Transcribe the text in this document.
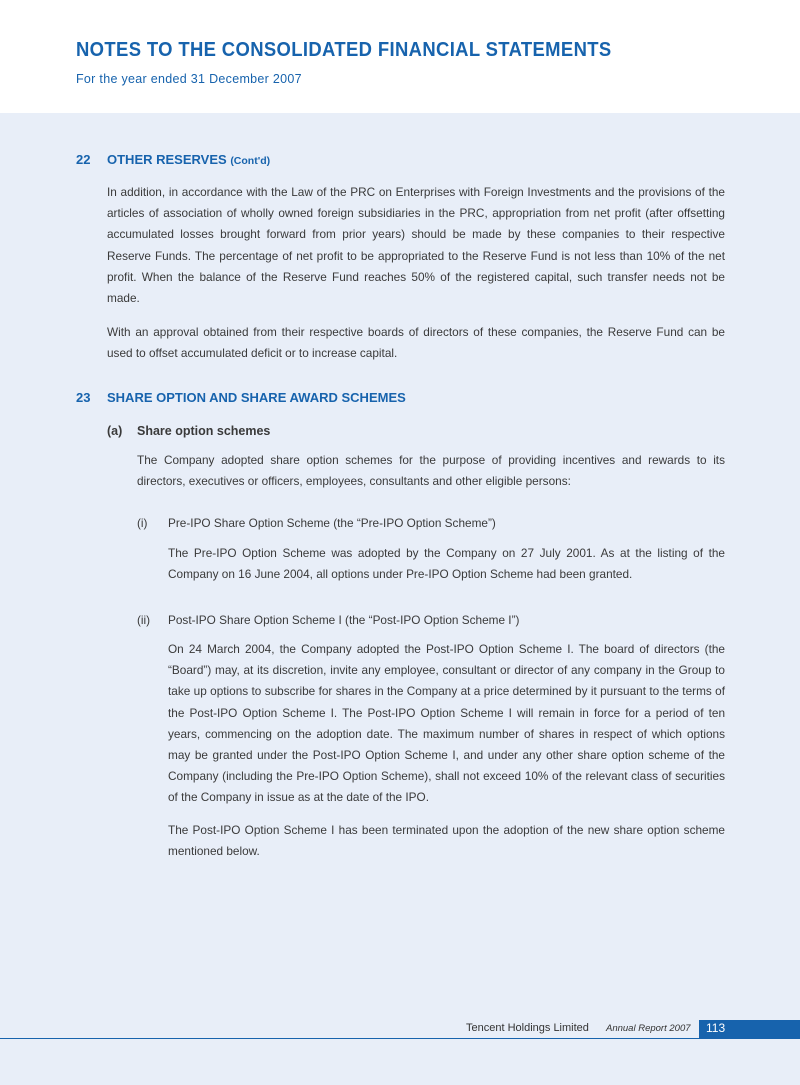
NOTES TO THE CONSOLIDATED FINANCIAL STATEMENTS
For the year ended 31 December 2007
22 OTHER RESERVES (Cont'd)

In addition, in accordance with the Law of the PRC on Enterprises with Foreign Investments and the provisions of the articles of association of wholly owned foreign subsidiaries in the PRC, appropriation from net profit (after offsetting accumulated losses brought forward from prior years) should be made by these companies to their respective Reserve Funds. The percentage of net profit to be appropriated to the Reserve Fund is not less than 10% of the net profit. When the balance of the Reserve Fund reaches 50% of the registered capital, such transfer needs not be made.

With an approval obtained from their respective boards of directors of these companies, the Reserve Fund can be used to offset accumulated deficit or to increase capital.

23 SHARE OPTION AND SHARE AWARD SCHEMES
(a) Share option schemes

The Company adopted share option schemes for the purpose of providing incentives and rewards to its directors, executives or officers, employees, consultants and other eligible persons:

(i) Pre-IPO Share Option Scheme (the “Pre-IPO Option Scheme”)

The Pre-IPO Option Scheme was adopted by the Company on 27 July 2001. As at the listing of the Company on 16 June 2004, all options under Pre-IPO Option Scheme had been granted.

(ii) Post-IPO Share Option Scheme I (the “Post-IPO Option Scheme I”)

On 24 March 2004, the Company adopted the Post-IPO Option Scheme I. The board of directors (the “Board”) may, at its discretion, invite any employee, consultant or director of any company in the Group to take up options to subscribe for shares in the Company at a price determined by it pursuant to the terms of the Post-IPO Option Scheme I. The Post-IPO Option Scheme I will remain in force for a period of ten years, commencing on the adoption date. The maximum number of shares in respect of which options may be granted under the Post-IPO Option Scheme I, and under any other share option scheme of the Company (including the Pre-IPO Option Scheme), shall not exceed 10% of the relevant class of securities of the Company in issue as at the date of the IPO.

The Post-IPO Option Scheme I has been terminated upon the adoption of the new share option scheme mentioned below.

Tencent Holdings Limited Annual Report 2007 113
